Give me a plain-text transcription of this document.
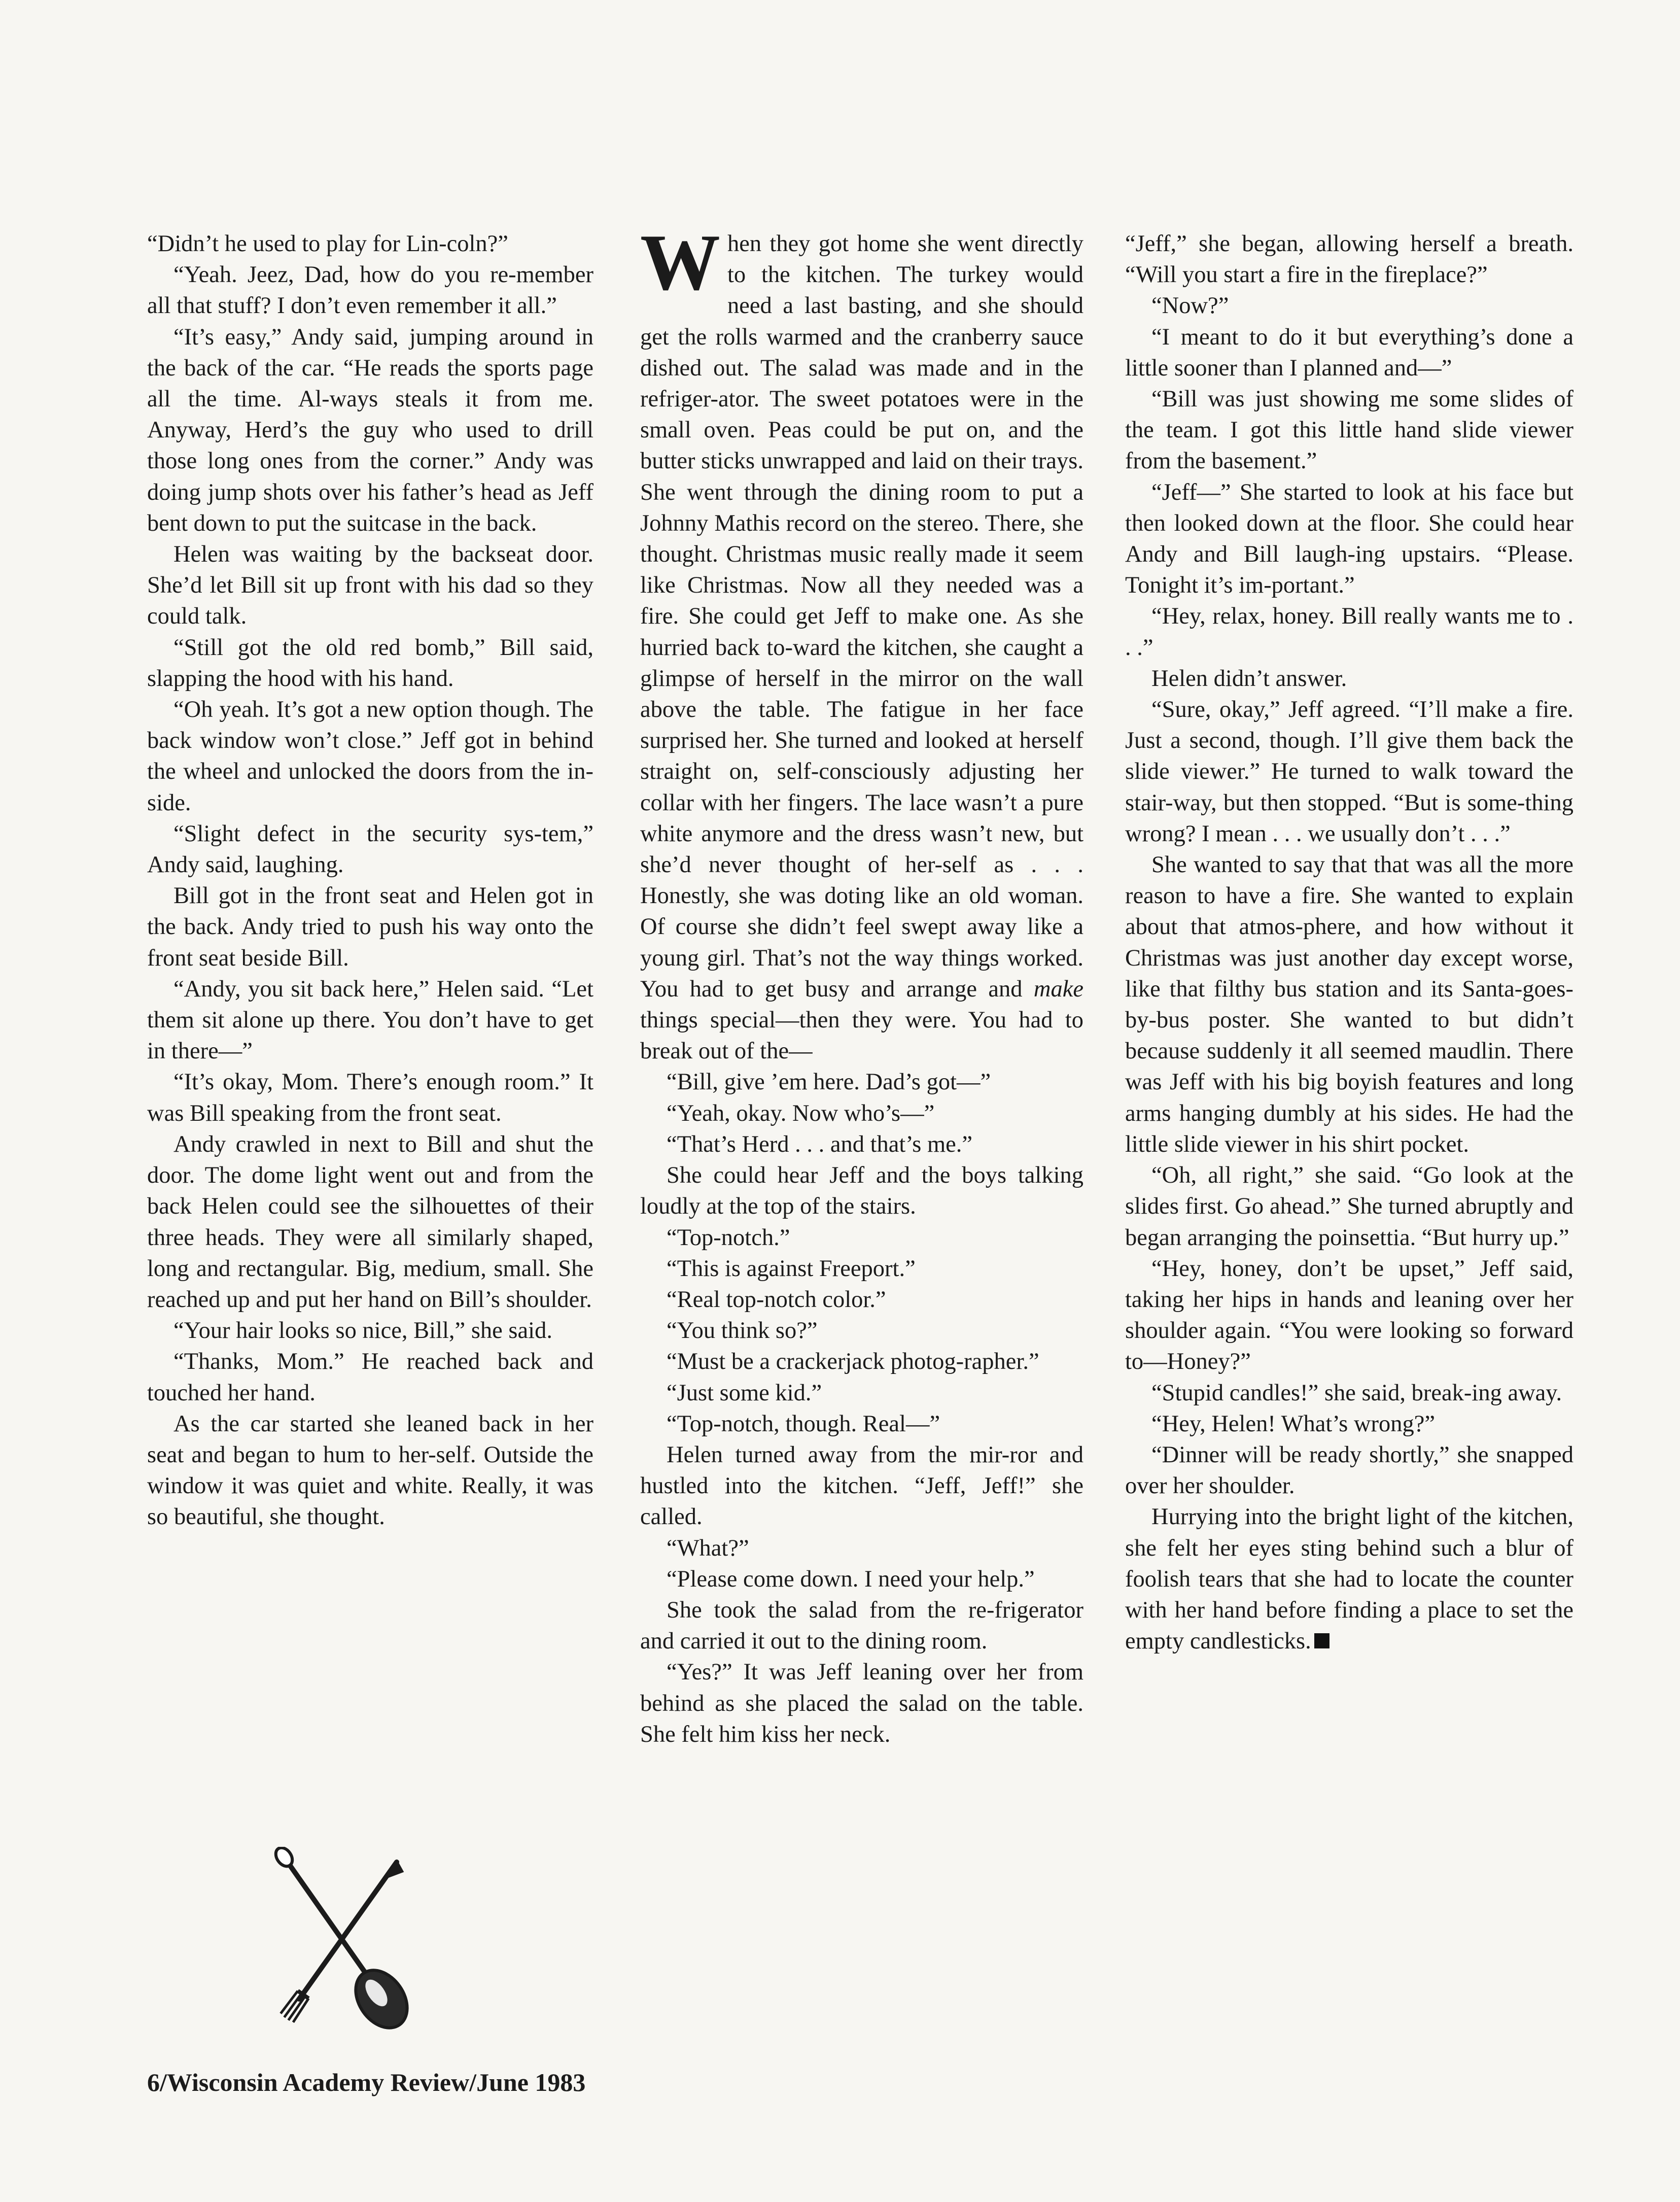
“Didn’t he used to play for Lin-coln?”

“Yeah. Jeez, Dad, how do you re-member all that stuff? I don’t even remember it all.”

“It’s easy,” Andy said, jumping around in the back of the car. “He reads the sports page all the time. Al-ways steals it from me. Anyway, Herd’s the guy who used to drill those long ones from the corner.” Andy was doing jump shots over his father’s head as Jeff bent down to put the suitcase in the back.

Helen was waiting by the backseat door. She’d let Bill sit up front with his dad so they could talk.

“Still got the old red bomb,” Bill said, slapping the hood with his hand.

“Oh yeah. It’s got a new option though. The back window won’t close.” Jeff got in behind the wheel and unlocked the doors from the in-side.

“Slight defect in the security sys-tem,” Andy said, laughing.

Bill got in the front seat and Helen got in the back. Andy tried to push his way onto the front seat beside Bill.

“Andy, you sit back here,” Helen said. “Let them sit alone up there. You don’t have to get in there—”

“It’s okay, Mom. There’s enough room.” It was Bill speaking from the front seat.

Andy crawled in next to Bill and shut the door. The dome light went out and from the back Helen could see the silhouettes of their three heads. They were all similarly shaped, long and rectangular. Big, medium, small. She reached up and put her hand on Bill’s shoulder.

“Your hair looks so nice, Bill,” she said.

“Thanks, Mom.” He reached back and touched her hand.

As the car started she leaned back in her seat and began to hum to her-self. Outside the window it was quiet and white. Really, it was so beautiful, she thought.

When they got home she went directly to the kitchen. The turkey would need a last basting, and she should get the rolls warmed and the cranberry sauce dished out. The salad was made and in the refriger-ator. The sweet potatoes were in the small oven. Peas could be put on, and the butter sticks unwrapped and laid on their trays. She went through the dining room to put a Johnny Mathis record on the stereo. There, she thought. Christmas music really made it seem like Christmas. Now all they needed was a fire. She could get Jeff to make one. As she hurried back to-ward the kitchen, she caught a glimpse of herself in the mirror on the wall above the table. The fatigue in her face surprised her. She turned and looked at herself straight on, self-consciously adjusting her collar with her fingers. The lace wasn’t a pure white anymore and the dress wasn’t new, but she’d never thought of her-self as . . . Honestly, she was doting like an old woman. Of course she didn’t feel swept away like a young girl. That’s not the way things worked. You had to get busy and arrange and make things special—then they were. You had to break out of the—

“Bill, give ’em here. Dad’s got—”

“Yeah, okay. Now who’s—”

“That’s Herd . . . and that’s me.”

She could hear Jeff and the boys talking loudly at the top of the stairs.

“Top-notch.”

“This is against Freeport.”

“Real top-notch color.”

“You think so?”

“Must be a crackerjack photog-rapher.”

“Just some kid.”

“Top-notch, though. Real—”

Helen turned away from the mir-ror and hustled into the kitchen. “Jeff, Jeff!” she called.

“What?”

“Please come down. I need your help.”

She took the salad from the re-frigerator and carried it out to the dining room.

“Yes?” It was Jeff leaning over her from behind as she placed the salad on the table. She felt him kiss her neck.

“Jeff,” she began, allowing herself a breath. “Will you start a fire in the fireplace?”

“Now?”

“I meant to do it but everything’s done a little sooner than I planned and—”

“Bill was just showing me some slides of the team. I got this little hand slide viewer from the basement.”

“Jeff—” She started to look at his face but then looked down at the floor. She could hear Andy and Bill laugh-ing upstairs. “Please. Tonight it’s im-portant.”

“Hey, relax, honey. Bill really wants me to . . .”

Helen didn’t answer.

“Sure, okay,” Jeff agreed. “I’ll make a fire. Just a second, though. I’ll give them back the slide viewer.” He turned to walk toward the stair-way, but then stopped. “But is some-thing wrong? I mean . . . we usually don’t . . .”

She wanted to say that that was all the more reason to have a fire. She wanted to explain about that atmos-phere, and how without it Christmas was just another day except worse, like that filthy bus station and its Santa-goes-by-bus poster. She wanted to but didn’t because suddenly it all seemed maudlin. There was Jeff with his big boyish features and long arms hanging dumbly at his sides. He had the little slide viewer in his shirt pocket.

“Oh, all right,” she said. “Go look at the slides first. Go ahead.” She turned abruptly and began arranging the poinsettia. “But hurry up.”

“Hey, honey, don’t be upset,” Jeff said, taking her hips in hands and leaning over her shoulder again. “You were looking so forward to—Honey?”

“Stupid candles!” she said, break-ing away.

“Hey, Helen! What’s wrong?”

“Dinner will be ready shortly,” she snapped over her shoulder.

Hurrying into the bright light of the kitchen, she felt her eyes sting behind such a blur of foolish tears that she had to locate the counter with her hand before finding a place to set the empty candlesticks.

6/Wisconsin Academy Review/June 1983
